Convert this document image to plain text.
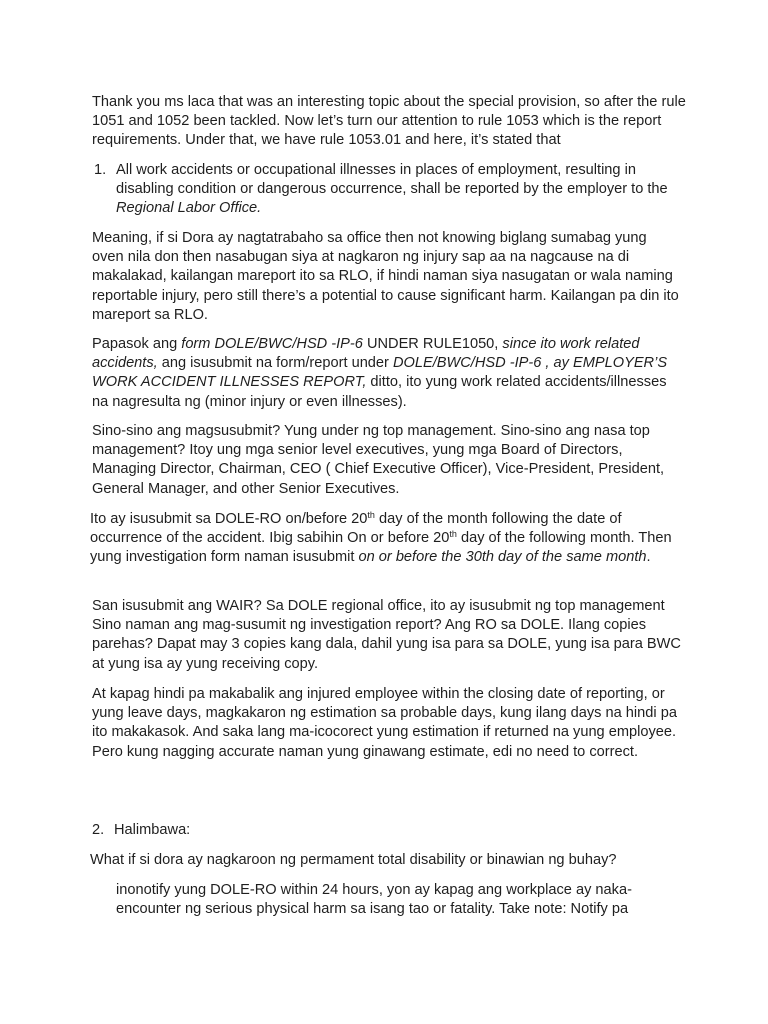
Thank you ms laca that was an interesting topic about the special provision, so after the rule 1051 and 1052 been tackled. Now let’s turn our attention to rule 1053 which is the report requirements. Under that, we have rule 1053.01 and here, it’s stated that

1. All work accidents or occupational illnesses in places of employment, resulting in disabling condition or dangerous occurrence, shall be reported by the employer to the Regional Labor Office.

Meaning, if si Dora ay nagtatrabaho sa office then not knowing biglang sumabag yung oven nila don then nasabugan siya at nagkaron ng injury sap aa na nagcause na di makalakad, kailangan mareport ito sa RLO, if hindi naman siya nasugatan or wala naming reportable injury, pero still there’s a potential to cause significant harm. Kailangan pa din ito mareport sa RLO.

Papasok ang form DOLE/BWC/HSD -IP-6 UNDER RULE1050, since ito work related accidents, ang isusubmit na form/report under DOLE/BWC/HSD -IP-6 , ay EMPLOYER’S WORK ACCIDENT ILLNESSES REPORT, ditto, ito yung work related accidents/illnesses na nagresulta ng (minor injury or even illnesses).

Sino-sino ang magsusubmit? Yung under ng top management. Sino-sino ang nasa top management? Itoy ung mga senior level executives, yung mga Board of Directors, Managing Director, Chairman, CEO ( Chief Executive Officer), Vice-President, President, General Manager, and other Senior Executives.

Ito ay isusubmit sa DOLE-RO on/before 20th day of the month following the date of occurrence of the accident. Ibig sabihin On or before 20th day of the following month. Then yung investigation form naman isusubmit on or before the 30th day of the same month.

San isusubmit ang WAIR? Sa DOLE regional office, ito ay isusubmit ng top management Sino naman ang mag-susumit ng investigation report? Ang RO sa DOLE. Ilang copies parehas? Dapat may 3 copies kang dala, dahil yung isa para sa DOLE, yung isa para BWC at yung isa ay yung receiving copy.

At kapag hindi pa makabalik ang injured employee within the closing date of reporting, or yung leave days, magkakaron ng estimation sa probable days, kung ilang days na hindi pa ito makakasok. And saka lang ma-icocorect yung estimation if returned na yung employee. Pero kung nagging accurate naman yung ginawang estimate, edi no need to correct.

2. Halimbawa:

What if si dora ay nagkaroon ng permament total disability or binawian ng buhay?

inonotify yung DOLE-RO within 24 hours, yon ay kapag ang workplace ay naka-encounter ng serious physical harm sa isang tao or fatality. Take note: Notify pa
